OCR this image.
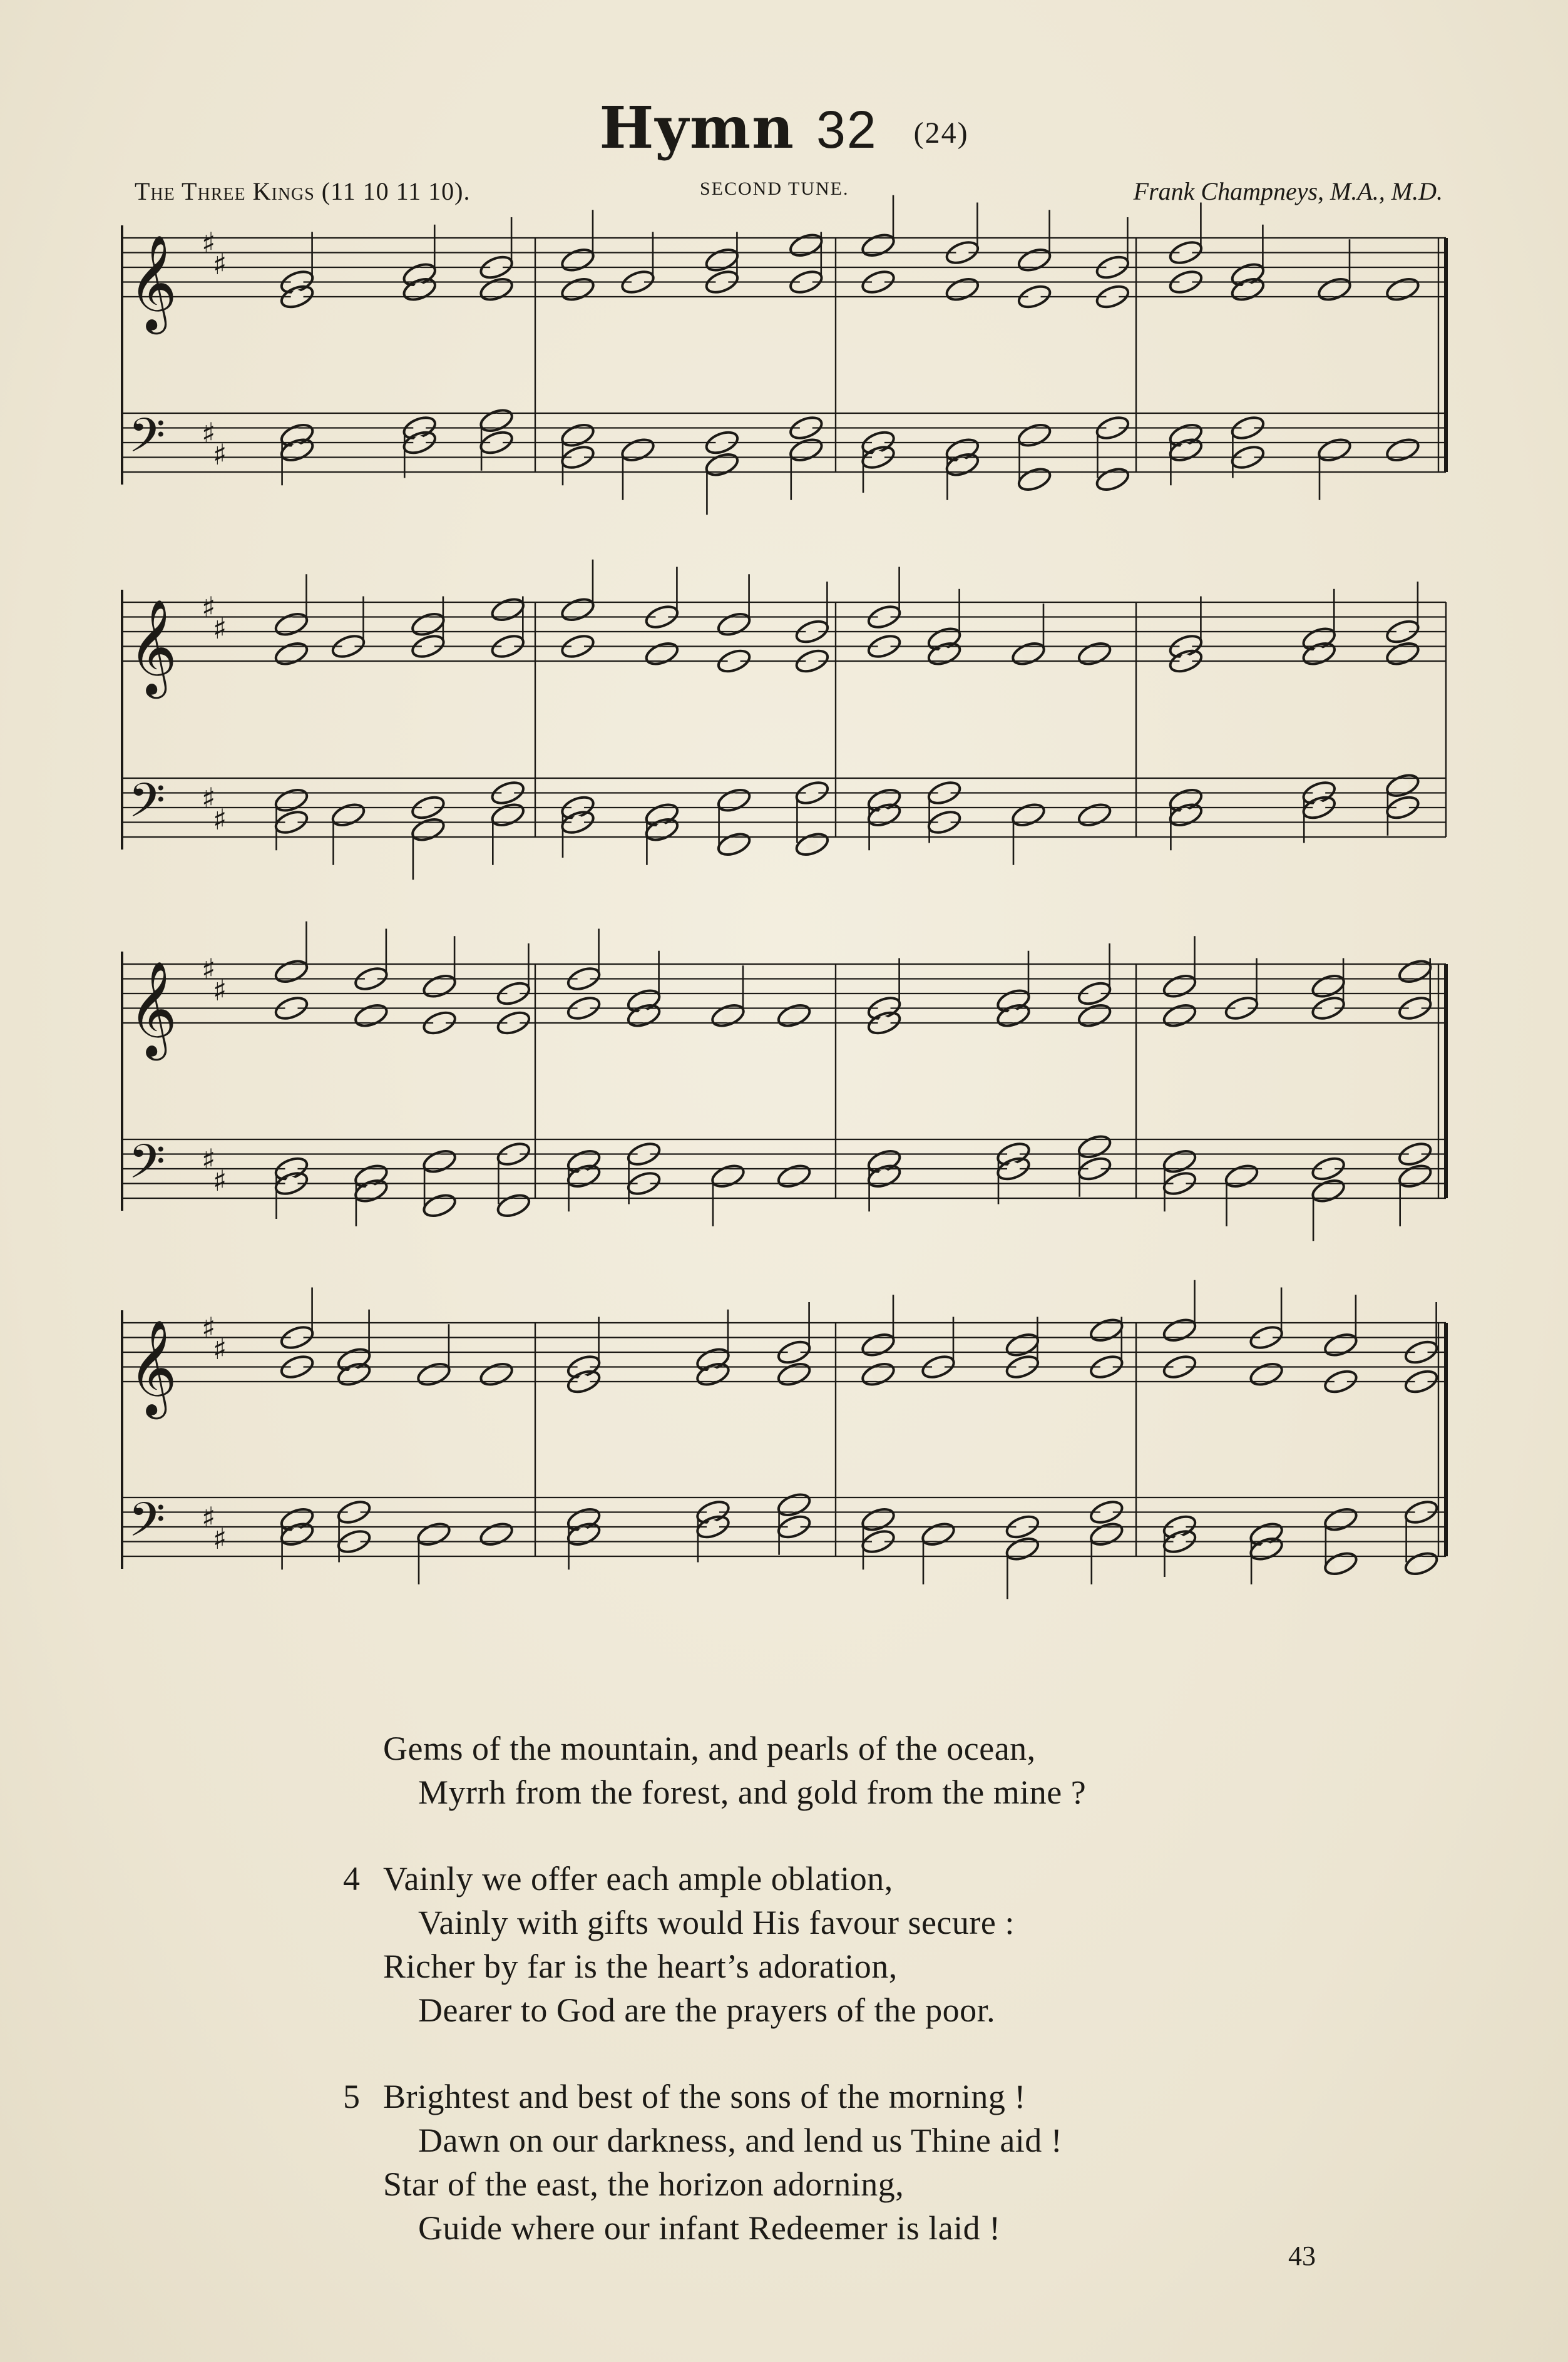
Hymn 32 (24)
The Three Kings (11 10 11 10).	SECOND TUNE.	Frank Champneys, M.A., M.D.
𝄞
𝄢
♯
♯
♯
♯
𝄞
𝄢
♯
♯
♯
♯
𝄞
𝄢
♯
♯
♯
♯
𝄞
𝄢
♯
♯
♯
♯
Gems of the mountain, and pearls of the ocean,
Myrrh from the forest, and gold from the mine ?
4 Vainly we offer each ample oblation,
Vainly with gifts would His favour secure :
Richer by far is the heart’s adoration,
Dearer to God are the prayers of the poor.
5 Brightest and best of the sons of the morning !
Dawn on our darkness, and lend us Thine aid !
Star of the east, the horizon adorning,
Guide where our infant Redeemer is laid !
43
